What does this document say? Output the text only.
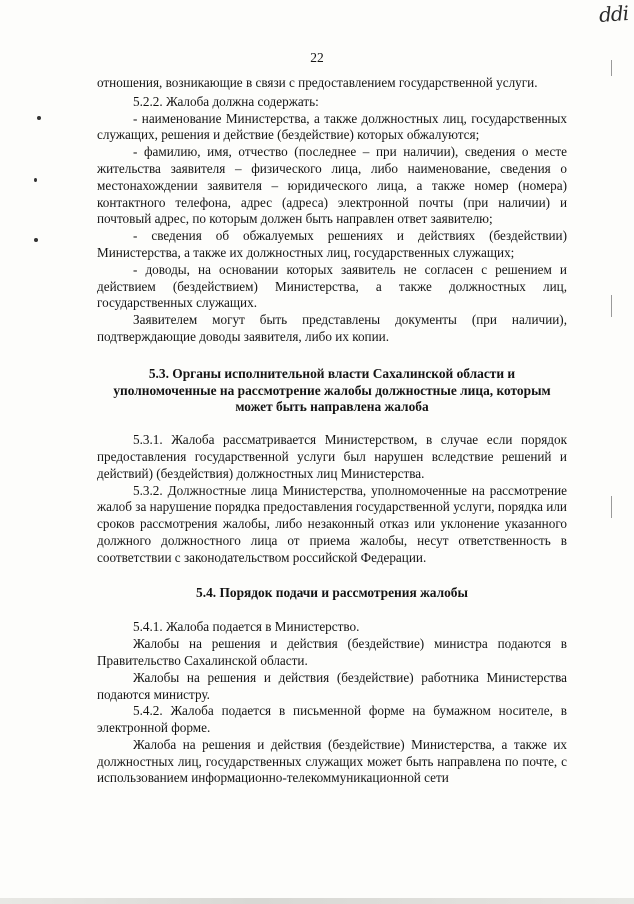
ddi
22

отношения, возникающие в связи с предоставлением государственной услуги.

5.2.2. Жалоба должна содержать:

- наименование Министерства, а также должностных лиц, государственных служащих, решения и действие (бездействие) которых обжалуются;

- фамилию, имя, отчество (последнее – при наличии), сведения о месте жительства заявителя – физического лица, либо наименование, сведения о местонахождении заявителя – юридического лица, а также номер (номера) контактного телефона, адрес (адреса) электронной почты (при наличии) и почтовый адрес, по которым должен быть направлен ответ заявителю;

- сведения об обжалуемых решениях и действиях (бездействии) Министерства, а также их должностных лиц, государственных служащих;

- доводы, на основании которых заявитель не согласен с решением и действием (бездействием) Министерства, а также должностных лиц, государственных служащих.

Заявителем могут быть представлены документы (при наличии), подтверждающие доводы заявителя, либо их копии.

5.3. Органы исполнительной власти Сахалинской области и уполномоченные на рассмотрение жалобы должностные лица, которым может быть направлена жалоба

5.3.1. Жалоба рассматривается Министерством, в случае если порядок предоставления государственной услуги был нарушен вследствие решений и действий) (бездействия) должностных лиц Министерства.

5.3.2. Должностные лица Министерства, уполномоченные на рассмотрение жалоб за нарушение порядка предоставления государственной услуги, порядка или сроков рассмотрения жалобы, либо незаконный отказ или уклонение указанного должного должностного лица от приема жалобы, несут ответственность в соответствии с законодательством российской Федерации.

5.4. Порядок подачи и рассмотрения жалобы

5.4.1. Жалоба подается в Министерство.

Жалобы на решения и действия (бездействие) министра подаются в Правительство Сахалинской области.

Жалобы на решения и действия (бездействие) работника Министерства подаются министру.

5.4.2. Жалоба подается в письменной форме на бумажном носителе, в электронной форме.

Жалоба на решения и действия (бездействие) Министерства, а также их должностных лиц, государственных служащих может быть направлена по почте, с использованием информационно-телекоммуникационной сети
